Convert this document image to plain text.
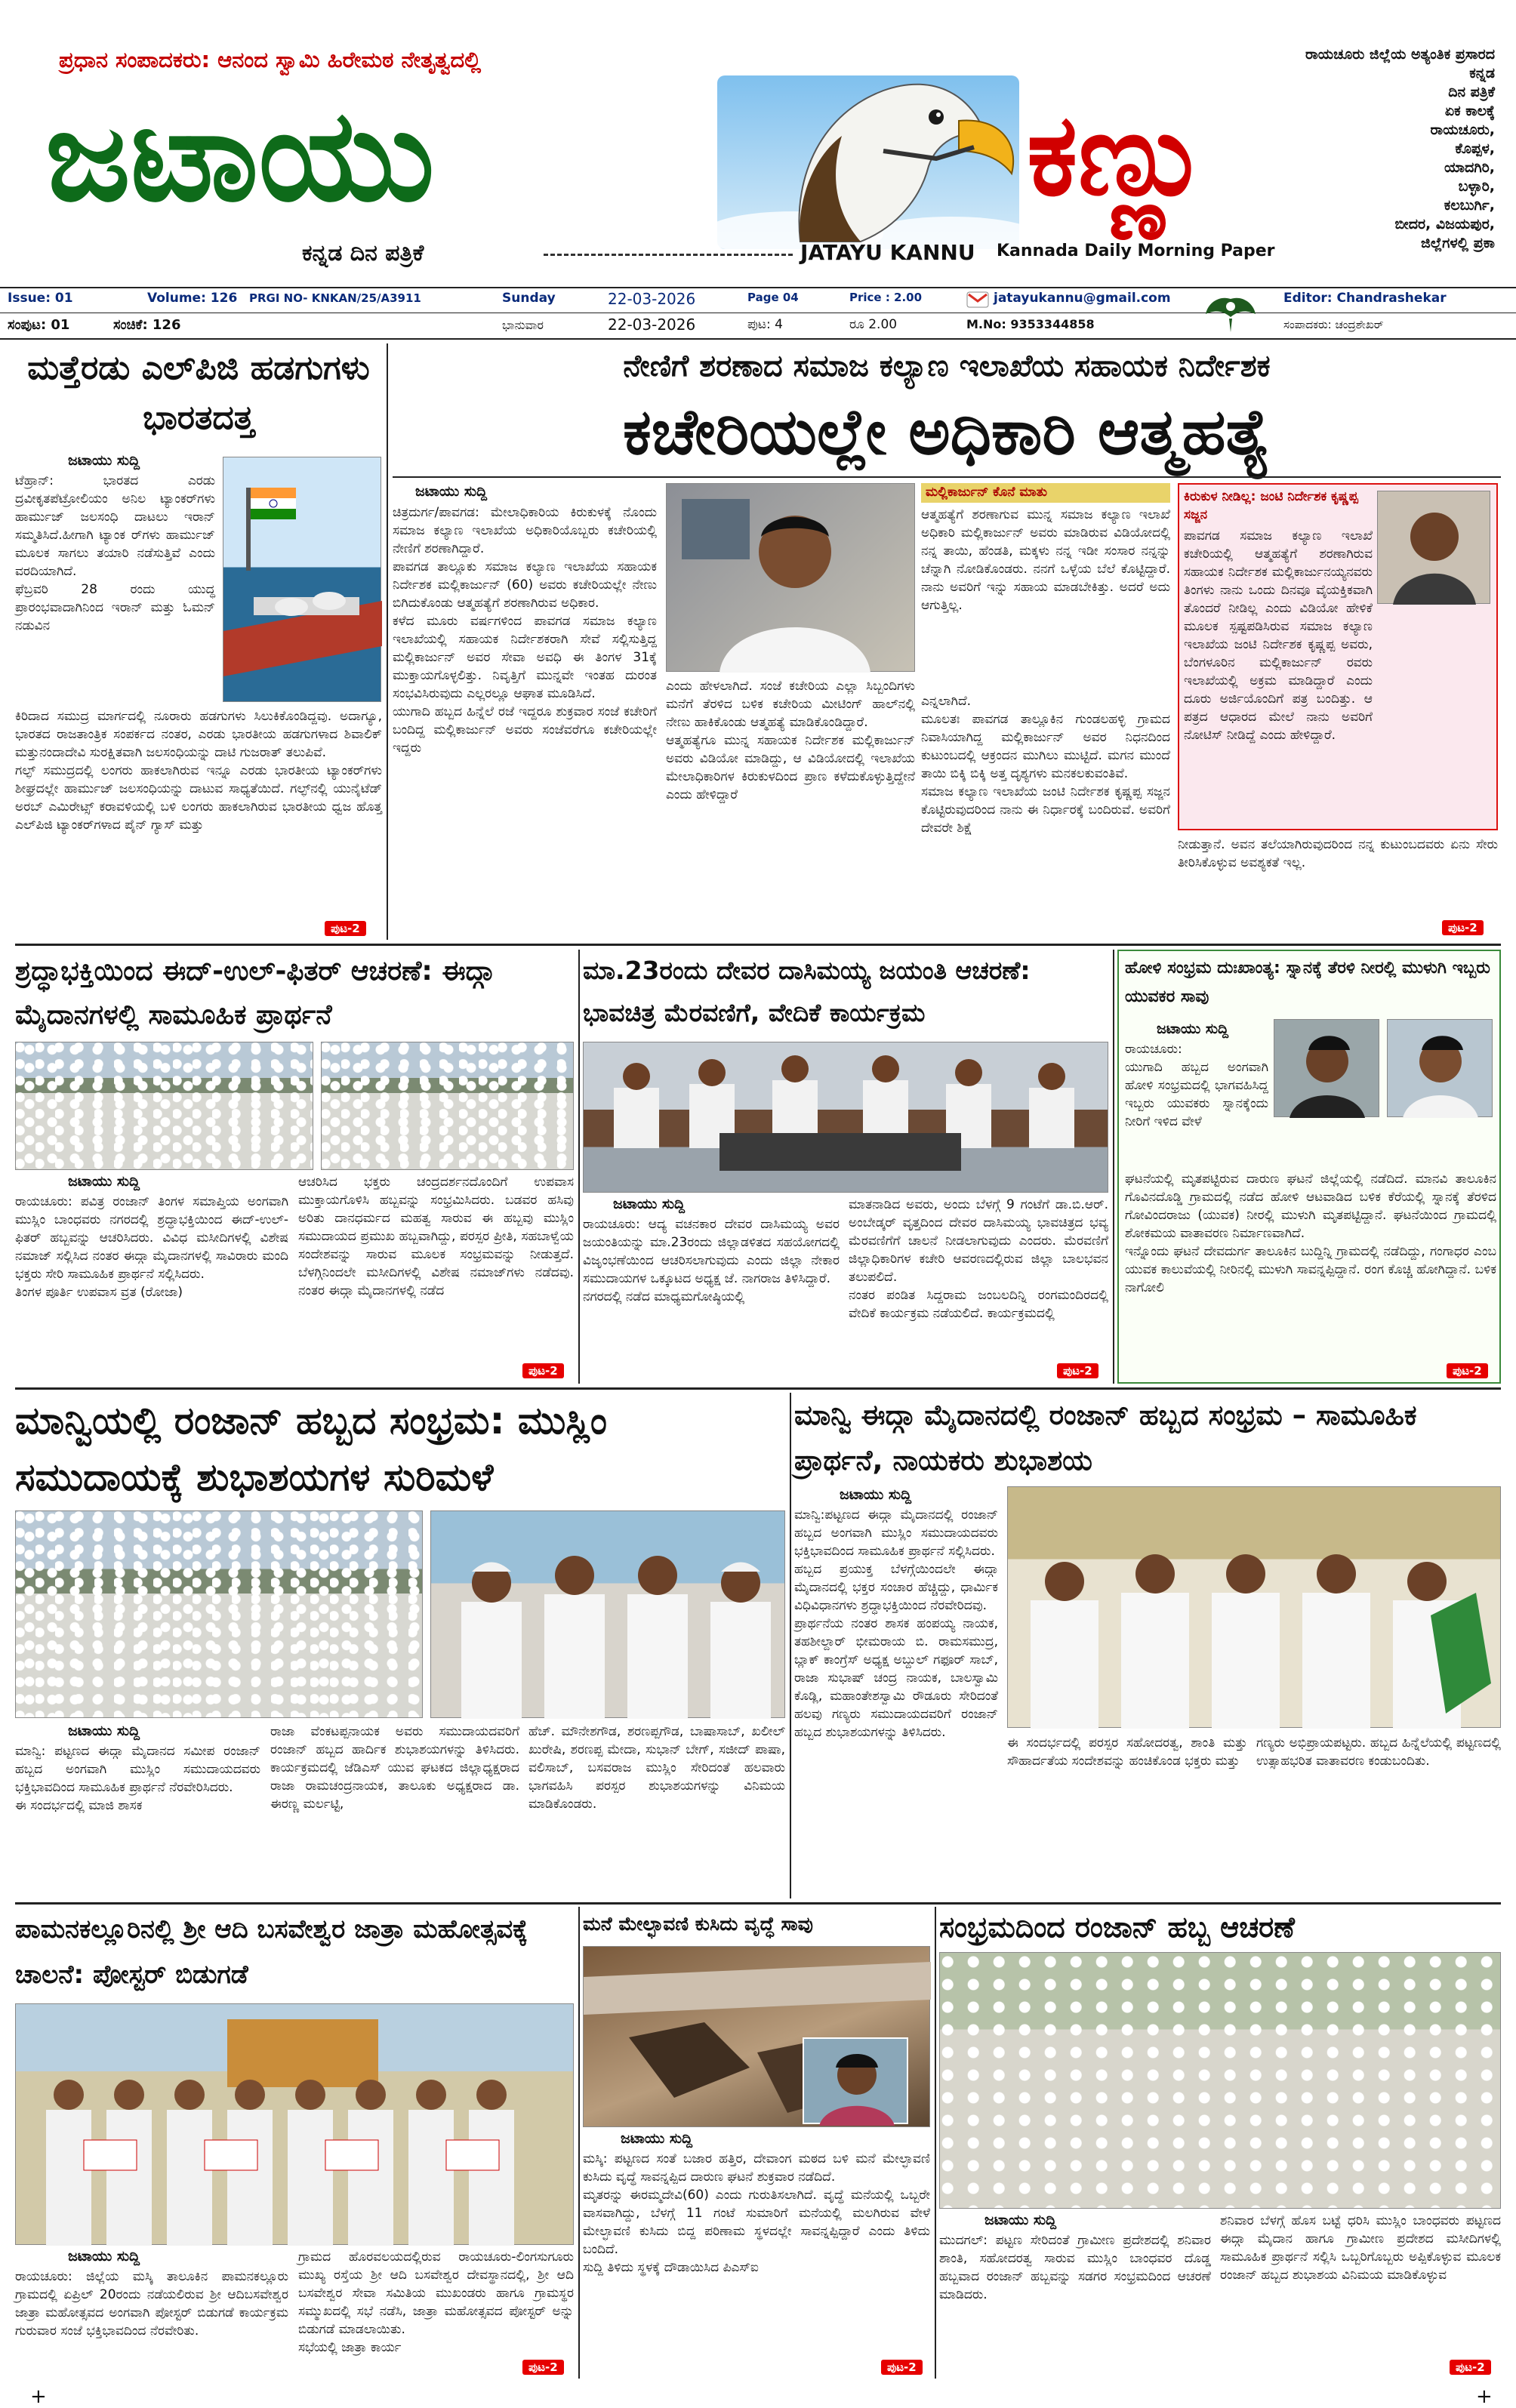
ಪ್ರಧಾನ ಸಂಪಾದಕರು: ಆನಂದ ಸ್ವಾಮಿ ಹಿರೇಮಠ ನೇತೃತ್ವದಲ್ಲಿ
ಜಟಾಯು	ಕಣ್ಣು
ರಾಯಚೂರು ಜಿಲ್ಲೆಯ ಅತ್ಯಂತಿಕ ಪ್ರಸಾರದ
ಕನ್ನಡ
ದಿನ ಪತ್ರಿಕೆ
ಏಕ ಕಾಲಕ್ಕೆ
ರಾಯಚೂರು,
ಕೊಪ್ಪಳ,
ಯಾದಗಿರಿ,
ಬಳ್ಳಾರಿ,
ಕಲಬುರ್ಗಿ,
ಬೀದರ, ವಿಜಯಪುರ,
ಜಿಲ್ಲೆಗಳಲ್ಲಿ ಪ್ರಕಾ
ಕನ್ನಡ ದಿನ ಪತ್ರಿಕೆ	JATAYU KANNU	Kannada Daily Morning Paper
Issue: 01	Volume: 126 PRGI NO- KNKAN/25/A3911	Sunday	22-03-2026	Page 04	Price : 2.00	jatayukannu@gmail.com	Editor: Chandrashekar
ಸಂಪುಟ: 01	ಸಂಚಿಕೆ: 126	ಭಾನುವಾರ	22-03-2026	ಪುಟ: 4	ರೂ 2.00	M.No: 9353344858	ಸಂಪಾದಕರು: ಚಂದ್ರಶೇಖರ್
ಮತ್ತೆರಡು ಎಲ್‌ಪಿಜಿ ಹಡಗುಗಳು ಭಾರತದತ್ತ
ಜಟಾಯು ಸುದ್ದಿ
ಟೆಹ್ರಾನ್: ಭಾರತದ ಎರಡು ದ್ರವೀಕೃತಪೆಟ್ರೋಲಿಯಂ ಅನಿಲ ಟ್ಯಾಂಕರ್‌ಗಳು ಹಾರ್ಮುಜ್ ಜಲಸಂಧಿ ದಾಟಲು ಇರಾನ್ ಸಮ್ಮತಿಸಿದೆ.ಹೀಗಾಗಿ ಟ್ಯಾಂಕ ರ್‌ಗಳು ಹಾರ್ಮುಜ್ ಮೂಲಕ ಸಾಗಲು ತಯಾರಿ ನಡೆಸುತ್ತಿವೆ ಎಂದು ವರದಿಯಾಗಿದೆ.
ಫೆಬ್ರವರಿ 28 ರಂದು ಯುದ್ಧ ಪ್ರಾರಂಭವಾದಾಗಿನಿಂದ ಇರಾನ್ ಮತ್ತು ಓಮನ್ ನಡುವಿನ
ಕಿರಿದಾದ ಸಮುದ್ರ ಮಾರ್ಗದಲ್ಲಿ ನೂರಾರು ಹಡಗುಗಳು ಸಿಲುಕಿಕೊಂಡಿದ್ದವು. ಅದಾಗ್ಯೂ, ಭಾರತದ ರಾಜತಾಂತ್ರಿಕ ಸಂಪರ್ಕದ ನಂತರ, ಎರಡು ಭಾರತೀಯ ಹಡಗುಗಳಾದ ಶಿವಾಲಿಕ್ ಮತ್ತುನಂದಾದೇವಿ ಸುರಕ್ಷಿತವಾಗಿ ಜಲಸಂಧಿಯನ್ನು ದಾಟಿ ಗುಜರಾತ್ ತಲುಪಿವೆ.
ಗಲ್ಫ್ ಸಮುದ್ರದಲ್ಲಿ ಲಂಗರು ಹಾಕಲಾಗಿರುವ ಇನ್ನೂ ಎರಡು ಭಾರತೀಯ ಟ್ಯಾಂಕರ್‌ಗಳು ಶೀಘ್ರದಲ್ಲೇ ಹಾರ್ಮುಜ್ ಜಲಸಂಧಿಯನ್ನು ದಾಟುವ ಸಾಧ್ಯತೆಯಿದೆ. ಗಲ್ಫ್‌ನಲ್ಲಿ ಯುನೈಟೆಡ್ ಅರಬ್ ಎಮಿರೇಟ್ಸ್ ಕರಾವಳಿಯಲ್ಲಿ ಬಳಿ ಲಂಗರು ಹಾಕಲಾಗಿರುವ ಭಾರತೀಯ ಧ್ವಜ ಹೊತ್ತ ಎಲ್‌ಪಿಜಿ ಟ್ಯಾಂಕರ್‌ಗಳಾದ ಪೈನ್ ಗ್ಯಾಸ್ ಮತ್ತು
ಪುಟ-2
ನೇಣಿಗೆ ಶರಣಾದ ಸಮಾಜ ಕಲ್ಯಾಣ ಇಲಾಖೆಯ ಸಹಾಯಕ ನಿರ್ದೇಶಕ
ಕಚೇರಿಯಲ್ಲೇ ಅಧಿಕಾರಿ ಆತ್ಮಹತ್ಯೆ
ಜಟಾಯು ಸುದ್ದಿ
ಚಿತ್ರದುರ್ಗ/ಪಾವಗಡ: ಮೇಲಾಧಿಕಾರಿಯ ಕಿರುಕುಳಕ್ಕೆ ನೊಂದು ಸಮಾಜ ಕಲ್ಯಾಣ ಇಲಾಖೆಯ ಅಧಿಕಾರಿಯೊಬ್ಬರು ಕಚೇರಿಯಲ್ಲಿ ನೇಣಿಗೆ ಶರಣಾಗಿದ್ದಾರೆ.
ಪಾವಗಡ ತಾಲ್ಲೂಕು ಸಮಾಜ ಕಲ್ಯಾಣ ಇಲಾಖೆಯ ಸಹಾಯಕ ನಿರ್ದೇಶಕ ಮಲ್ಲಿಕಾರ್ಜುನ್ (60) ಅವರು ಕಚೇರಿಯಲ್ಲೇ ನೇಣು ಬಿಗಿದುಕೊಂಡು ಆತ್ಮಹತ್ಯೆಗೆ ಶರಣಾಗಿರುವ ಅಧಿಕಾರ.
ಕಳೆದ ಮೂರು ವರ್ಷಗಳಿಂದ ಪಾವಗಡ ಸಮಾಜ ಕಲ್ಯಾಣ ಇಲಾಖೆಯಲ್ಲಿ ಸಹಾಯಕ ನಿರ್ದೇಶಕರಾಗಿ ಸೇವೆ ಸಲ್ಲಿಸುತ್ತಿದ್ದ ಮಲ್ಲಿಕಾರ್ಜುನ್ ಅವರ ಸೇವಾ ಅವಧಿ ಈ ತಿಂಗಳ 31ಕ್ಕೆ ಮುಕ್ತಾಯಗೊಳ್ಳಲಿತ್ತು. ನಿವೃತ್ತಿಗೆ ಮುನ್ನವೇ ಇಂತಹ ದುರಂತ ಸಂಭವಿಸಿರುವುದು ಎಲ್ಲರಲ್ಲೂ ಆಘಾತ ಮೂಡಿಸಿದೆ.
ಯುಗಾದಿ ಹಬ್ಬದ ಹಿನ್ನೆಲೆ ರಜೆ ಇದ್ದರೂ ಶುಕ್ರವಾರ ಸಂಜೆ ಕಚೇರಿಗೆ ಬಂದಿದ್ದ ಮಲ್ಲಿಕಾರ್ಜುನ್ ಅವರು ಸಂಜೆವರೆಗೂ ಕಚೇರಿಯಲ್ಲೇ ಇದ್ದರು
ಎಂದು ಹೇಳಲಾಗಿದೆ. ಸಂಜೆ ಕಚೇರಿಯ ಎಲ್ಲಾ ಸಿಬ್ಬಂದಿಗಳು ಮನೆಗೆ ತೆರಳಿದ ಬಳಿಕ ಕಚೇರಿಯ ಮೀಟಿಂಗ್ ಹಾಲ್‌ನಲ್ಲಿ ನೇಣು ಹಾಕಿಕೊಂಡು ಆತ್ಮಹತ್ಯೆ ಮಾಡಿಕೊಂಡಿದ್ದಾರೆ.
ಆತ್ಮಹತ್ಯೆಗೂ ಮುನ್ನ ಸಹಾಯಕ ನಿರ್ದೇಶಕ ಮಲ್ಲಿಕಾರ್ಜುನ್ ಅವರು ವಿಡಿಯೋ ಮಾಡಿದ್ದು, ಆ ವಿಡಿಯೋದಲ್ಲಿ ಇಲಾಖೆಯ ಮೇಲಾಧಿಕಾರಿಗಳ ಕಿರುಕುಳದಿಂದ ಪ್ರಾಣ ಕಳೆದುಕೊಳ್ಳುತ್ತಿದ್ದೇನೆ ಎಂದು ಹೇಳಿದ್ದಾರೆ
ಮಲ್ಲಿಕಾರ್ಜುನ್ ಕೊನೆ ಮಾತು
ಆತ್ಮಹತ್ಯೆಗೆ ಶರಣಾಗುವ ಮುನ್ನ ಸಮಾಜ ಕಲ್ಯಾಣ ಇಲಾಖೆ ಅಧಿಕಾರಿ ಮಲ್ಲಿಕಾರ್ಜುನ್ ಅವರು ಮಾಡಿರುವ ವಿಡಿಯೋದಲ್ಲಿ ನನ್ನ ತಾಯಿ, ಹೆಂಡತಿ, ಮಕ್ಕಳು ನನ್ನ ಇಡೀ ಸಂಸಾರ ನನ್ನನ್ನು ಚೆನ್ನಾಗಿ ನೋಡಿಕೊಂಡರು. ನನಗೆ ಒಳ್ಳೆಯ ಬೆಲೆ ಕೊಟ್ಟಿದ್ದಾರೆ. ನಾನು ಅವರಿಗೆ ಇನ್ನು ಸಹಾಯ ಮಾಡಬೇಕಿತ್ತು. ಅದರೆ ಅದು ಆಗುತ್ತಿಲ್ಲ.
ಎನ್ನಲಾಗಿದೆ.
ಮೂಲತಃ ಪಾವಗಡ ತಾಲ್ಲೂಕಿನ ಗುಂಡಲಹಳ್ಳಿ ಗ್ರಾಮದ ನಿವಾಸಿಯಾಗಿದ್ದ ಮಲ್ಲಿಕಾರ್ಜುನ್ ಅವರ ನಿಧನದಿಂದ ಕುಟುಂಬದಲ್ಲಿ ಆಕ್ರಂದನ ಮುಗಿಲು ಮುಟ್ಟಿದೆ. ಮಗನ ಮುಂದೆ ತಾಯಿ ಬಿಕ್ಕಿ ಬಿಕ್ಕಿ ಅತ್ತ ದೃಶ್ಯಗಳು ಮನಕಲಕುವಂತಿವೆ.
ಸಮಾಜ ಕಲ್ಯಾಣ ಇಲಾಖೆಯ ಜಂಟಿ ನಿರ್ದೇಶಕ ಕೃಷ್ಣಪ್ಪ ಸಜ್ಜನ ಕೊಟ್ಟಿರುವುದರಿಂದ ನಾನು ಈ ನಿರ್ಧಾರಕ್ಕೆ ಬಂದಿರುವೆ. ಅವರಿಗೆ ದೇವರೇ ಶಿಕ್ಷೆ
ಕಿರುಕುಳ ನೀಡಿಲ್ಲ: ಜಂಟಿ ನಿರ್ದೇಶಕ ಕೃಷ್ಣಪ್ಪ ಸಜ್ಜನ
ಪಾವಗಡ ಸಮಾಜ ಕಲ್ಯಾಣ ಇಲಾಖೆ ಕಚೇರಿಯಲ್ಲಿ ಆತ್ಮಹತ್ಯೆಗೆ ಶರಣಾಗಿರುವ ಸಹಾಯಕ ನಿರ್ದೇಶಕ ಮಲ್ಲಿಕಾರ್ಜುನಯ್ಯನವರು ತಿಂಗಳು ನಾನು ಒಂದು ದಿನವೂ ವೈಯಕ್ತಿಕವಾಗಿ ತೊಂದರೆ ನೀಡಿಲ್ಲ ಎಂದು ವಿಡಿಯೋ ಹೇಳಿಕೆ ಮೂಲಕ ಸ್ಪಷ್ಟಪಡಿಸಿರುವ ಸಮಾಜ ಕಲ್ಯಾಣ ಇಲಾಖೆಯ ಜಂಟಿ ನಿರ್ದೇಶಕ ಕೃಷ್ಣಪ್ಪ ಅವರು, ಬೆಂಗಳೂರಿನ ಮಲ್ಲಿಕಾರ್ಜುನ್ ರವರು ಇಲಾಖೆಯಲ್ಲಿ ಅಕ್ರಮ ಮಾಡಿದ್ದಾರೆ ಎಂದು ದೂರು ಅರ್ಜಿಯೊಂದಿಗೆ ಪತ್ರ ಬಂದಿತ್ತು. ಆ ಪತ್ರದ ಆಧಾರದ ಮೇಲೆ ನಾನು ಅವರಿಗೆ ನೋಟಿಸ್ ನೀಡಿದ್ದೆ ಎಂದು ಹೇಳಿದ್ದಾರೆ.
ನೀಡುತ್ತಾನೆ. ಅವನ ತಲೆಯಾಗಿರುವುದರಿಂದ ನನ್ನ ಕುಟುಂಬದವರು ಏನು ಸೇರು ತೀರಿಸಿಕೊಳ್ಳುವ ಅವಶ್ಯಕತೆ ಇಲ್ಲ.
ಪುಟ-2
ಶ್ರದ್ಧಾಭಕ್ತಿಯಿಂದ ಈದ್-ಉಲ್-ಫಿತರ್ ಆಚರಣೆ: ಈದ್ಗಾ ಮೈದಾನಗಳಲ್ಲಿ ಸಾಮೂಹಿಕ ಪ್ರಾರ್ಥನೆ
ಜಟಾಯು ಸುದ್ದಿ
ರಾಯಚೂರು: ಪವಿತ್ರ ರಂಜಾನ್ ತಿಂಗಳ ಸಮಾಪ್ತಿಯ ಅಂಗವಾಗಿ ಮುಸ್ಲಿಂ ಬಾಂಧವರು ನಗರದಲ್ಲಿ ಶ್ರದ್ಧಾಭಕ್ತಿಯಿಂದ ಈದ್-ಉಲ್-ಫಿತರ್ ಹಬ್ಬವನ್ನು ಆಚರಿಸಿದರು. ವಿವಿಧ ಮಸೀದಿಗಳಲ್ಲಿ ವಿಶೇಷ ನಮಾಜ್ ಸಲ್ಲಿಸಿದ ನಂತರ ಈದ್ಗಾ ಮೈದಾನಗಳಲ್ಲಿ ಸಾವಿರಾರು ಮಂದಿ ಭಕ್ತರು ಸೇರಿ ಸಾಮೂಹಿಕ ಪ್ರಾರ್ಥನೆ ಸಲ್ಲಿಸಿದರು.
ತಿಂಗಳ ಪೂರ್ತಿ ಉಪವಾಸ ವ್ರತ (ರೋಜಾ)
ಆಚರಿಸಿದ ಭಕ್ತರು ಚಂದ್ರದರ್ಶನದೊಂದಿಗೆ ಉಪವಾಸ ಮುಕ್ತಾಯಗೊಳಿಸಿ ಹಬ್ಬವನ್ನು ಸಂಭ್ರಮಿಸಿದರು. ಬಡವರ ಹಸಿವು ಅರಿತು ದಾನಧರ್ಮದ ಮಹತ್ವ ಸಾರುವ ಈ ಹಬ್ಬವು ಮುಸ್ಲಿಂ ಸಮುದಾಯದ ಪ್ರಮುಖ ಹಬ್ಬವಾಗಿದ್ದು, ಪರಸ್ಪರ ಪ್ರೀತಿ, ಸಹಬಾಳ್ವೆಯ ಸಂದೇಶವನ್ನು ಸಾರುವ ಮೂಲಕ ಸಂಭ್ರಮವನ್ನು ನೀಡುತ್ತದೆ. ಬೆಳಗ್ಗಿನಿಂದಲೇ ಮಸೀದಿಗಳಲ್ಲಿ ವಿಶೇಷ ನಮಾಜ್‌ಗಳು ನಡೆದವು. ನಂತರ ಈದ್ಗಾ ಮೈದಾನಗಳಲ್ಲಿ ನಡೆದ
ಪುಟ-2
ಮಾ.23ರಂದು ದೇವರ ದಾಸಿಮಯ್ಯ ಜಯಂತಿ ಆಚರಣೆ: ಭಾವಚಿತ್ರ ಮೆರವಣಿಗೆ, ವೇದಿಕೆ ಕಾರ್ಯಕ್ರಮ
ಜಟಾಯು ಸುದ್ದಿ
ರಾಯಚೂರು: ಆದ್ಯ ವಚನಕಾರ ದೇವರ ದಾಸಿಮಯ್ಯ ಅವರ ಜಯಂತಿಯನ್ನು ಮಾ.23ರಂದು ಜಿಲ್ಲಾಡಳಿತದ ಸಹಯೋಗದಲ್ಲಿ ವಿಜೃಂಭಣೆಯಿಂದ ಆಚರಿಸಲಾಗುವುದು ಎಂದು ಜಿಲ್ಲಾ ನೇಕಾರ ಸಮುದಾಯಗಳ ಒಕ್ಕೂಟದ ಅಧ್ಯಕ್ಷ ಜೆ. ನಾಗರಾಜ ತಿಳಿಸಿದ್ದಾರೆ.
ನಗರದಲ್ಲಿ ನಡೆದ ಮಾಧ್ಯಮಗೋಷ್ಠಿಯಲ್ಲಿ
ಮಾತನಾಡಿದ ಅವರು, ಅಂದು ಬೆಳಗ್ಗೆ 9 ಗಂಟೆಗೆ ಡಾ.ಬಿ.ಆರ್. ಅಂಬೇಡ್ಕರ್ ವೃತ್ತದಿಂದ ದೇವರ ದಾಸಿಮಯ್ಯ ಭಾವಚಿತ್ರದ ಭವ್ಯ ಮೆರವಣಿಗೆಗೆ ಚಾಲನೆ ನೀಡಲಾಗುವುದು ಎಂದರು. ಮೆರವಣಿಗೆ ಜಿಲ್ಲಾಧಿಕಾರಿಗಳ ಕಚೇರಿ ಆವರಣದಲ್ಲಿರುವ ಜಿಲ್ಲಾ ಬಾಲಭವನ ತಲುಪಲಿದೆ.
ನಂತರ ಪಂಡಿತ ಸಿದ್ದರಾಮ ಜಂಬಲದಿನ್ನಿ ರಂಗಮಂದಿರದಲ್ಲಿ ವೇದಿಕೆ ಕಾರ್ಯಕ್ರಮ ನಡೆಯಲಿದೆ. ಕಾರ್ಯಕ್ರಮದಲ್ಲಿ
ಪುಟ-2
ಹೋಳಿ ಸಂಭ್ರಮ ದುಃಖಾಂತ್ಯ: ಸ್ನಾನಕ್ಕೆ ತೆರಳಿ ನೀರಲ್ಲಿ ಮುಳುಗಿ ಇಬ್ಬರು ಯುವಕರ ಸಾವು
ಜಟಾಯು ಸುದ್ದಿ
ರಾಯಚೂರು:
ಯುಗಾದಿ ಹಬ್ಬದ ಅಂಗವಾಗಿ ಹೋಳಿ ಸಂಭ್ರಮದಲ್ಲಿ ಭಾಗವಹಿಸಿದ್ದ ಇಬ್ಬರು ಯುವಕರು ಸ್ನಾನಕ್ಕೆಂದು ನೀರಿಗೆ ಇಳಿದ ವೇಳೆ
ಘಟನೆಯಲ್ಲಿ ಮೃತಪಟ್ಟಿರುವ ದಾರುಣ ಘಟನೆ ಜಿಲ್ಲೆಯಲ್ಲಿ ನಡೆದಿದೆ. ಮಾನವಿ ತಾಲೂಕಿನ ಗೊವಿನದೊಡ್ಡಿ ಗ್ರಾಮದಲ್ಲಿ ನಡೆದ ಹೋಳಿ ಆಟವಾಡಿದ ಬಳಿಕ ಕೆರೆಯಲ್ಲಿ ಸ್ನಾನಕ್ಕೆ ತೆರಳಿದ ಗೋವಿಂದರಾಜು (ಯುವಕ) ನೀರಲ್ಲಿ ಮುಳುಗಿ ಮೃತಪಟ್ಟಿದ್ದಾನೆ. ಘಟನೆಯಿಂದ ಗ್ರಾಮದಲ್ಲಿ ಶೋಕಮಯ ವಾತಾವರಣ ನಿರ್ಮಾಣವಾಗಿದೆ.
ಇನ್ನೊಂದು ಘಟನೆ ದೇವದುರ್ಗ ತಾಲೂಕಿನ ಬುದ್ದಿನ್ನಿ ಗ್ರಾಮದಲ್ಲಿ ನಡೆದಿದ್ದು, ಗಂಗಾಧರ ಎಂಬ ಯುವಕ ಕಾಲುವೆಯಲ್ಲಿ ನೀರಿನಲ್ಲಿ ಮುಳುಗಿ ಸಾವನ್ನಪ್ಪಿದ್ದಾನೆ. ರಂಗ ಕೊಚ್ಚಿ ಹೋಗಿದ್ದಾನೆ. ಬಳಿಕ ನಾಗೋಲಿ
ಪುಟ-2
ಮಾನ್ವಿಯಲ್ಲಿ ರಂಜಾನ್ ಹಬ್ಬದ ಸಂಭ್ರಮ: ಮುಸ್ಲಿಂ ಸಮುದಾಯಕ್ಕೆ ಶುಭಾಶಯಗಳ ಸುರಿಮಳೆ
ಜಟಾಯು ಸುದ್ದಿ
ಮಾನ್ವಿ: ಪಟ್ಟಣದ ಈದ್ಗಾ ಮೈದಾನದ ಸಮೀಪ ರಂಜಾನ್ ಹಬ್ಬದ ಅಂಗವಾಗಿ ಮುಸ್ಲಿಂ ಸಮುದಾಯದವರು ಭಕ್ತಿಭಾವದಿಂದ ಸಾಮೂಹಿಕ ಪ್ರಾರ್ಥನೆ ನೆರವೇರಿಸಿದರು.
ಈ ಸಂದರ್ಭದಲ್ಲಿ ಮಾಜಿ ಶಾಸಕ
ರಾಜಾ ವೆಂಕಟಪ್ಪನಾಯಕ ಅವರು ಸಮುದಾಯದವರಿಗೆ ರಂಜಾನ್ ಹಬ್ಬದ ಹಾರ್ದಿಕ ಶುಭಾಶಯಗಳನ್ನು ತಿಳಿಸಿದರು. ಕಾರ್ಯಕ್ರಮದಲ್ಲಿ ಜೆಡಿಎಸ್ ಯುವ ಘಟಕದ ಜಿಲ್ಲಾಧ್ಯಕ್ಷರಾದ ರಾಜಾ ರಾಮಚಂದ್ರನಾಯಕ, ತಾಲೂಕು ಅಧ್ಯಕ್ಷರಾದ ಡಾ. ಈರಣ್ಣ ಮರ್ಲಟ್ಟಿ,
ಹೆಚ್. ಮೌನೇಶಗೌಡ, ಶರಣಪ್ಪಗೌಡ, ಬಾಷಾಸಾಬ್, ಖಲೀಲ್ ಖುರೇಷಿ, ಶರಣಪ್ಪ ಮೇದಾ, ಸುಭಾನ್ ಬೇಗ್, ಸಜೀದ್ ಪಾಷಾ, ವಲಿಸಾಬ್, ಬಸವರಾಜ ಮುಸ್ಲಿಂ ಸೇರಿದಂತೆ ಹಲವಾರು ಭಾಗವಹಿಸಿ ಪರಸ್ಪರ ಶುಭಾಶಯಗಳನ್ನು ವಿನಿಮಯ ಮಾಡಿಕೊಂಡರು.
ಮಾನ್ವಿ ಈದ್ಗಾ ಮೈದಾನದಲ್ಲಿ ರಂಜಾನ್ ಹಬ್ಬದ ಸಂಭ್ರಮ – ಸಾಮೂಹಿಕ ಪ್ರಾರ್ಥನೆ, ನಾಯಕರು ಶುಭಾಶಯ
ಜಟಾಯು ಸುದ್ದಿ
ಮಾನ್ವಿ:ಪಟ್ಟಣದ ಈದ್ಗಾ ಮೈದಾನದಲ್ಲಿ ರಂಜಾನ್ ಹಬ್ಬದ ಅಂಗವಾಗಿ ಮುಸ್ಲಿಂ ಸಮುದಾಯದವರು ಭಕ್ತಿಭಾವದಿಂದ ಸಾಮೂಹಿಕ ಪ್ರಾರ್ಥನೆ ಸಲ್ಲಿಸಿದರು.
ಹಬ್ಬದ ಪ್ರಯುಕ್ತ ಬೆಳಗ್ಗೆಯಿಂದಲೇ ಈದ್ಗಾ ಮೈದಾನದಲ್ಲಿ ಭಕ್ತರ ಸಂಚಾರ ಹೆಚ್ಚಿದ್ದು, ಧಾರ್ಮಿಕ ವಿಧಿವಿಧಾನಗಳು ಶ್ರದ್ಧಾಭಕ್ತಿಯಿಂದ ನೆರವೇರಿದವು.
ಪ್ರಾರ್ಥನೆಯ ನಂತರ ಶಾಸಕ ಹಂಪಯ್ಯ ನಾಯಕ, ತಹಶೀಲ್ದಾರ್ ಭೀಮರಾಯ ಬಿ. ರಾಮಸಮುದ್ರ, ಬ್ಲಾಕ್ ಕಾಂಗ್ರೆಸ್ ಅಧ್ಯಕ್ಷ ಅಬ್ದುಲ್ ಗಫೂರ್ ಸಾಬ್, ರಾಜಾ ಸುಭಾಷ್ ಚಂದ್ರ ನಾಯಕ, ಬಾಲಸ್ವಾಮಿ ಕೊಡ್ಲಿ, ಮಹಾಂತೇಶಸ್ವಾಮಿ ರೌಡೂರು ಸೇರಿದಂತೆ ಹಲವು ಗಣ್ಯರು ಸಮುದಾಯದವರಿಗೆ ರಂಜಾನ್ ಹಬ್ಬದ ಶುಭಾಶಯಗಳನ್ನು ತಿಳಿಸಿದರು.
ಈ ಸಂದರ್ಭದಲ್ಲಿ ಪರಸ್ಪರ ಸಹೋದರತ್ವ, ಶಾಂತಿ ಮತ್ತು ಸೌಹಾರ್ದತೆಯ ಸಂದೇಶವನ್ನು ಹಂಚಿಕೊಂಡ ಭಕ್ತರು ಮತ್ತು
ಗಣ್ಯರು ಅಭಿಪ್ರಾಯಪಟ್ಟರು. ಹಬ್ಬದ ಹಿನ್ನೆಲೆಯಲ್ಲಿ ಪಟ್ಟಣದಲ್ಲಿ ಉತ್ಸಾಹಭರಿತ ವಾತಾವರಣ ಕಂಡುಬಂದಿತು.
ಪಾಮನಕಲ್ಲೂರಿನಲ್ಲಿ ಶ್ರೀ ಆದಿ ಬಸವೇಶ್ವರ ಜಾತ್ರಾ ಮಹೋತ್ಸವಕ್ಕೆ ಚಾಲನೆ: ಪೋಸ್ಟರ್ ಬಿಡುಗಡೆ
ಜಟಾಯು ಸುದ್ದಿ
ರಾಯಚೂರು: ಜಿಲ್ಲೆಯ ಮಸ್ಕಿ ತಾಲೂಕಿನ ಪಾಮನಕಲ್ಲೂರು ಗ್ರಾಮದಲ್ಲಿ ಏಪ್ರಿಲ್ 20ರಂದು ನಡೆಯಲಿರುವ ಶ್ರೀ ಆದಿಬಸವೇಶ್ವರ ಜಾತ್ರಾ ಮಹೋತ್ಸವದ ಅಂಗವಾಗಿ ಪೋಸ್ಟರ್ ಬಿಡುಗಡೆ ಕಾರ್ಯಕ್ರಮ ಗುರುವಾರ ಸಂಜೆ ಭಕ್ತಿಭಾವದಿಂದ ನೆರವೇರಿತು.
ಗ್ರಾಮದ ಹೊರವಲಯದಲ್ಲಿರುವ ರಾಯಚೂರು-ಲಿಂಗಸುಗೂರು ಮುಖ್ಯ ರಸ್ತೆಯ ಶ್ರೀ ಆದಿ ಬಸವೇಶ್ವರ ದೇವಸ್ಥಾನದಲ್ಲಿ, ಶ್ರೀ ಆದಿ ಬಸವೇಶ್ವರ ಸೇವಾ ಸಮಿತಿಯ ಮುಖಂಡರು ಹಾಗೂ ಗ್ರಾಮಸ್ಥರ ಸಮ್ಮುಖದಲ್ಲಿ ಸಭೆ ನಡೆಸಿ, ಜಾತ್ರಾ ಮಹೋತ್ಸವದ ಪೋಸ್ಟರ್ ಅನ್ನು ಬಿಡುಗಡೆ ಮಾಡಲಾಯಿತು.
ಸಭೆಯಲ್ಲಿ ಜಾತ್ರಾ ಕಾರ್ಯ
ಪುಟ-2
ಮನೆ ಮೇಲ್ಛಾವಣಿ ಕುಸಿದು ವೃದ್ಧೆ ಸಾವು
ಜಟಾಯು ಸುದ್ದಿ
ಮಸ್ಕಿ: ಪಟ್ಟಣದ ಸಂತೆ ಬಜಾರ ಹತ್ತಿರ, ದೇವಾಂಗ ಮಠದ ಬಳಿ ಮನೆ ಮೇಲ್ಛಾವಣಿ ಕುಸಿದು ವೃದ್ಧೆ ಸಾವನ್ನಪ್ಪಿದ ದಾರುಣ ಘಟನೆ ಶುಕ್ರವಾರ ನಡೆದಿದೆ.
ಮೃತರನ್ನು ಈರಮ್ಮದೇವಿ(60) ಎಂದು ಗುರುತಿಸಲಾಗಿದೆ. ವೃದ್ಧೆ ಮನೆಯಲ್ಲಿ ಒಬ್ಬರೇ ವಾಸವಾಗಿದ್ದು, ಬೆಳಗ್ಗೆ 11 ಗಂಟೆ ಸುಮಾರಿಗೆ ಮನೆಯಲ್ಲಿ ಮಲಗಿರುವ ವೇಳೆ ಮೇಲ್ಛಾವಣಿ ಕುಸಿದು ಬಿದ್ದ ಪರಿಣಾಮ ಸ್ಥಳದಲ್ಲೇ ಸಾವನ್ನಪ್ಪಿದ್ದಾರೆ ಎಂದು ತಿಳಿದು ಬಂದಿದೆ.
ಸುದ್ದಿ ತಿಳಿದು ಸ್ಥಳಕ್ಕೆ ದೌಡಾಯಿಸಿದ ಪಿಎಸ್ಐ
ಪುಟ-2
ಸಂಭ್ರಮದಿಂದ ರಂಜಾನ್ ಹಬ್ಬ ಆಚರಣೆ
ಜಟಾಯು ಸುದ್ದಿ
ಮುದಗಲ್: ಪಟ್ಟಣ ಸೇರಿದಂತೆ ಗ್ರಾಮೀಣ ಪ್ರದೇಶದಲ್ಲಿ ಶನಿವಾರ ಶಾಂತಿ, ಸಹೋದರತ್ವ ಸಾರುವ ಮುಸ್ಲಿಂ ಬಾಂಧವರ ದೊಡ್ಡ ಹಬ್ಬವಾದ ರಂಜಾನ್ ಹಬ್ಬವನ್ನು ಸಡಗರ ಸಂಭ್ರಮದಿಂದ ಆಚರಣೆ ಮಾಡಿದರು.
ಶನಿವಾರ ಬೆಳಗ್ಗೆ ಹೊಸ ಬಟ್ಟೆ ಧರಿಸಿ ಮುಸ್ಲಿಂ ಬಾಂಧವರು ಪಟ್ಟಣದ ಈದ್ಗಾ ಮೈದಾನ ಹಾಗೂ ಗ್ರಾಮೀಣ ಪ್ರದೇಶದ ಮಸೀದಿಗಳಲ್ಲಿ ಸಾಮೂಹಿಕ ಪ್ರಾರ್ಥನೆ ಸಲ್ಲಿಸಿ ಒಬ್ಬರಿಗೊಬ್ಬರು ಅಪ್ಪಿಕೊಳ್ಳುವ ಮೂಲಕ ರಂಜಾನ್ ಹಬ್ಬದ ಶುಭಾಶಯ ವಿನಿಮಯ ಮಾಡಿಕೊಳ್ಳುವ
ಪುಟ-2
+	+
